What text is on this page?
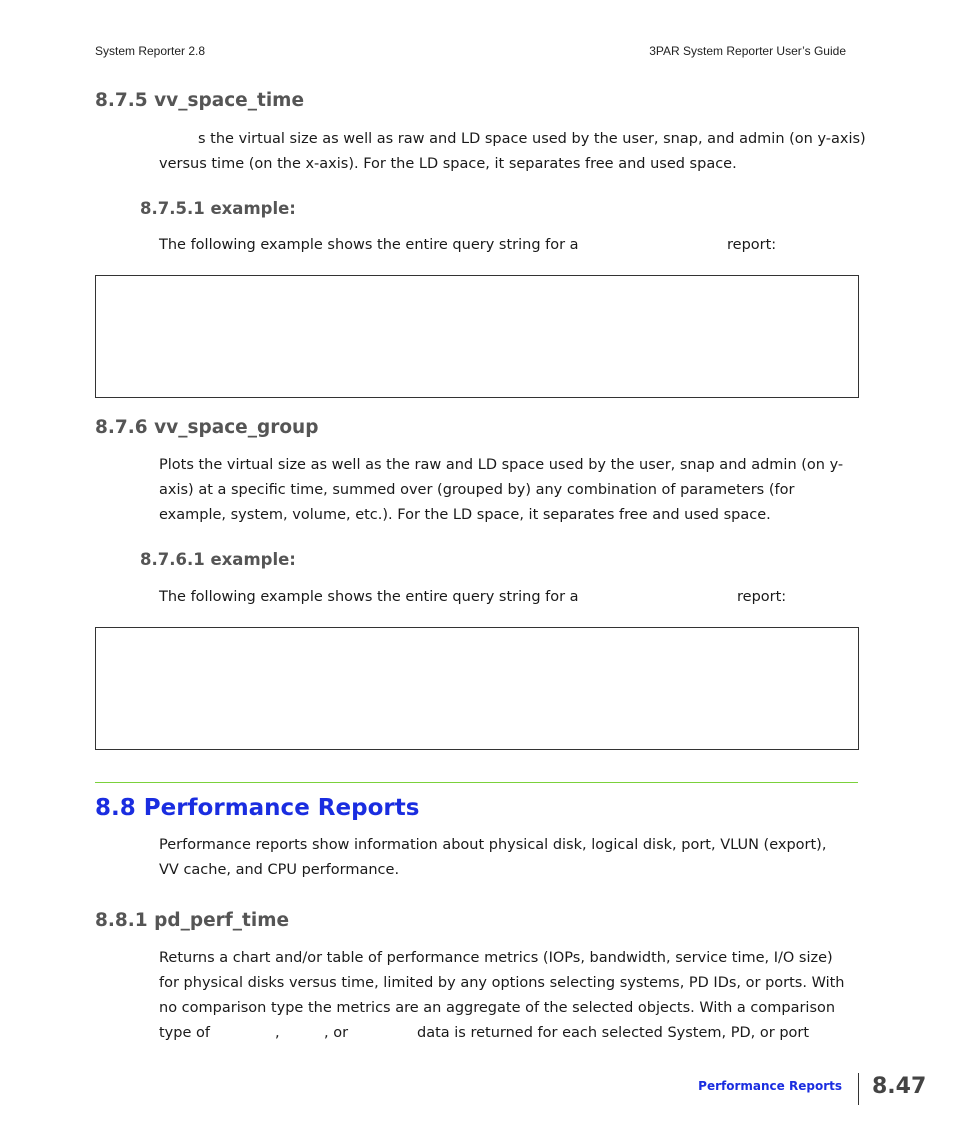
System Reporter 2.8	3PAR System Reporter User’s Guide
8.7.5 vv_space_time
s the virtual size as well as raw and LD space used by the user, snap, and admin (on y-axis)
versus time (on the x-axis). For the LD space, it separates free and used space.
8.7.5.1 example:
The following example shows the entire query string for a	report:
8.7.6 vv_space_group
Plots the virtual size as well as the raw and LD space used by the user, snap and admin (on y-
axis) at a specific time, summed over (grouped by) any combination of parameters (for
example, system, volume, etc.). For the LD space, it separates free and used space.
8.7.6.1 example:
The following example shows the entire query string for a	report:
8.8 Performance Reports
Performance reports show information about physical disk, logical disk, port, VLUN (export),
VV cache, and CPU performance.
8.8.1 pd_perf_time
Returns a chart and/or table of performance metrics (IOPs, bandwidth, service time, I/O size)
for physical disks versus time, limited by any options selecting systems, PD IDs, or ports. With
no comparison type the metrics are an aggregate of the selected objects. With a comparison
type of	,	, or	data is returned for each selected System, PD, or port
Performance Reports 8.47
